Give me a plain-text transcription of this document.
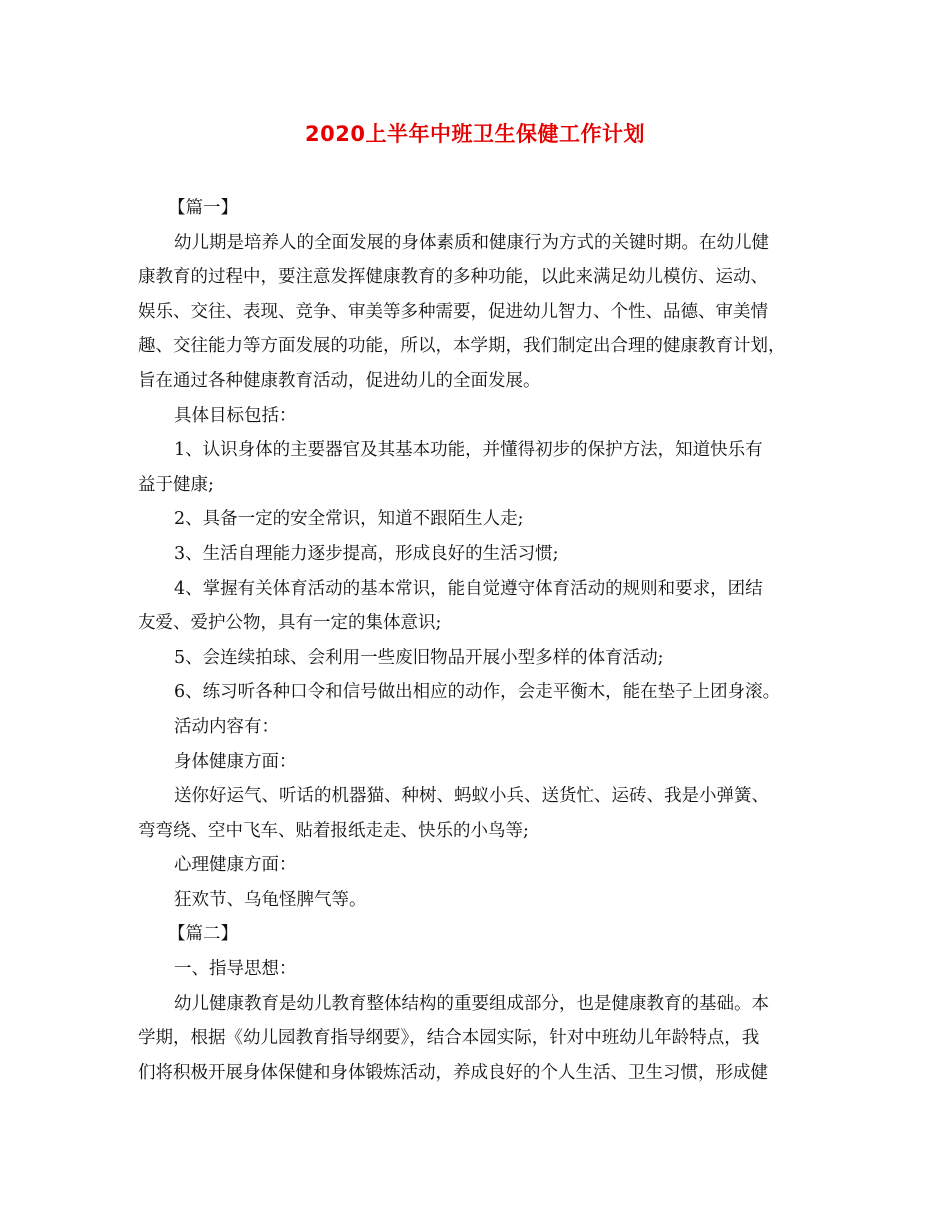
2020上半年中班卫生保健工作计划
【篇一】
幼儿期是培养人的全面发展的身体素质和健康行为方式的关键时期。在幼儿健
康教育的过程中，要注意发挥健康教育的多种功能，以此来满足幼儿模仿、运动、
娱乐、交往、表现、竞争、审美等多种需要，促进幼儿智力、个性、品德、审美情
趣、交往能力等方面发展的功能，所以，本学期，我们制定出合理的健康教育计划，
旨在通过各种健康教育活动，促进幼儿的全面发展。
具体目标包括：
1、认识身体的主要器官及其基本功能，并懂得初步的保护方法，知道快乐有
益于健康;
2、具备一定的安全常识，知道不跟陌生人走;
3、生活自理能力逐步提高，形成良好的生活习惯;
4、掌握有关体育活动的基本常识，能自觉遵守体育活动的规则和要求，团结
友爱、爱护公物，具有一定的集体意识;
5、会连续拍球、会利用一些废旧物品开展小型多样的体育活动;
6、练习听各种口令和信号做出相应的动作，会走平衡木，能在垫子上团身滚。
活动内容有：
身体健康方面：
送你好运气、听话的机器猫、种树、蚂蚁小兵、送货忙、运砖、我是小弹簧、
弯弯绕、空中飞车、贴着报纸走走、快乐的小鸟等;
心理健康方面：
狂欢节、乌龟怪脾气等。
【篇二】
一、指导思想：
幼儿健康教育是幼儿教育整体结构的重要组成部分，也是健康教育的基础。本
学期，根据《幼儿园教育指导纲要》，结合本园实际，针对中班幼儿年龄特点，我
们将积极开展身体保健和身体锻炼活动，养成良好的个人生活、卫生习惯，形成健
